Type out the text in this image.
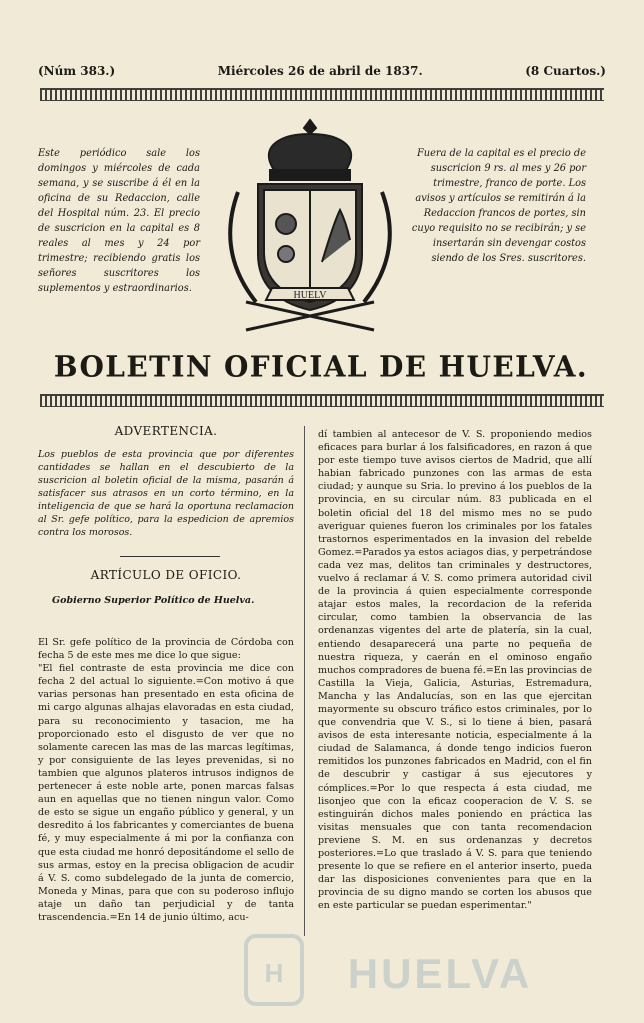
(Núm 383.)	Miércoles 26 de abril de 1837.	(8 Cuartos.)
Este periódico sale los domingos y miércoles de cada semana, y se suscribe á él en la oficina de su Redaccion, calle del Hospital núm. 23. El precio de suscricion en la capital es 8 reales al mes y 24 por trimestre; recibiendo gratis los señores suscritores los suplementos y estraordinarios.
HUELV
Fuera de la capital es el precio de suscricion 9 rs. al mes y 26 por trimestre, franco de porte. Los avisos y artículos se remitirán á la Redaccion francos de portes, sin cuyo requisito no se recibirán; y se insertarán sin devengar costos siendo de los Sres. suscritores.
BOLETIN OFICIAL DE HUELVA.
ADVERTENCIA.
Los pueblos de esta provincia que por diferentes cantidades se hallan en el descubierto de la suscricion al boletin oficial de la misma, pasarán á satisfacer sus atrasos en un corto término, en la inteligencia de que se hará la oportuna reclamacion al Sr. gefe político, para la espedicion de apremios contra los morosos.
ARTÍCULO DE OFICIO.
Gobierno Superior Político de Huelva.
El Sr. gefe político de la provincia de Córdoba con fecha 5 de este mes me dice lo que sigue:
"El fiel contraste de esta provincia me dice con fecha 2 del actual lo siguiente.=Con motivo á que varias personas han presentado en esta oficina de mi cargo algunas alhajas elavoradas en esta ciudad, para su reconocimiento y tasacion, me ha proporcionado esto el disgusto de ver que no solamente carecen las mas de las marcas legítimas, y por consiguiente de las leyes prevenidas, si no tambien que algunos plateros intrusos indignos de pertenecer á este noble arte, ponen marcas falsas aun en aquellas que no tienen ningun valor. Como de esto se sigue un engaño público y general, y un desredito á los fabricantes y comerciantes de buena fé, y muy especialmente á mi por la confianza con que esta ciudad me honró depositándome el sello de sus armas, estoy en la precisa obligacion de acudir á V. S. como subdelegado de la junta de comercio, Moneda y Minas, para que con su poderoso influjo ataje un daño tan perjudicial y de tanta trascendencia.=En 14 de junio último, acu-
dí tambien al antecesor de V. S. proponiendo medios eficaces para burlar á los falsificadores, en razon á que por este tiempo tuve avisos ciertos de Madrid, que allí habian fabricado punzones con las armas de esta ciudad; y aunque su Sria. lo previno á los pueblos de la provincia, en su circular núm. 83 publicada en el boletin oficial del 18 del mismo mes no se pudo averiguar quienes fueron los criminales por los fatales trastornos esperimentados en la invasion del rebelde Gomez.=Parados ya estos aciagos dias, y perpetrándose cada vez mas, delitos tan criminales y destructores, vuelvo á reclamar á V. S. como primera autoridad civil de la provincia á quien especialmente corresponde atajar estos males, la recordacion de la referida circular, como tambien la observancia de las ordenanzas vigentes del arte de platería, sin la cual, entiendo desaparecerá una parte no pequeña de nuestra riqueza, y caerán en el ominoso engaño muchos compradores de buena fé.=En las provincias de Castilla la Vieja, Galicia, Asturias, Estremadura, Mancha y las Andalucías, son en las que ejercitan mayormente su obscuro tráfico estos criminales, por lo que convendria que V. S., si lo tiene á bien, pasará avisos de esta interesante noticia, especialmente á la ciudad de Salamanca, á donde tengo indicios fueron remitidos los punzones fabricados en Madrid, con el fin de descubrir y castigar á sus ejecutores y cómplices.=Por lo que respecta á esta ciudad, me lisonjeo que con la eficaz cooperacion de V. S. se estinguirán dichos males poniendo en práctica las visitas mensuales que con tanta recomendacion previene S. M. en sus ordenanzas y decretos posteriores.=Lo que traslado á V. S. para que teniendo presente lo que se refiere en el anterior inserto, pueda dar las disposiciones convenientes para que en la provincia de su digno mando se corten los abusos que en este particular se puedan esperimentar."
H HUELVA
